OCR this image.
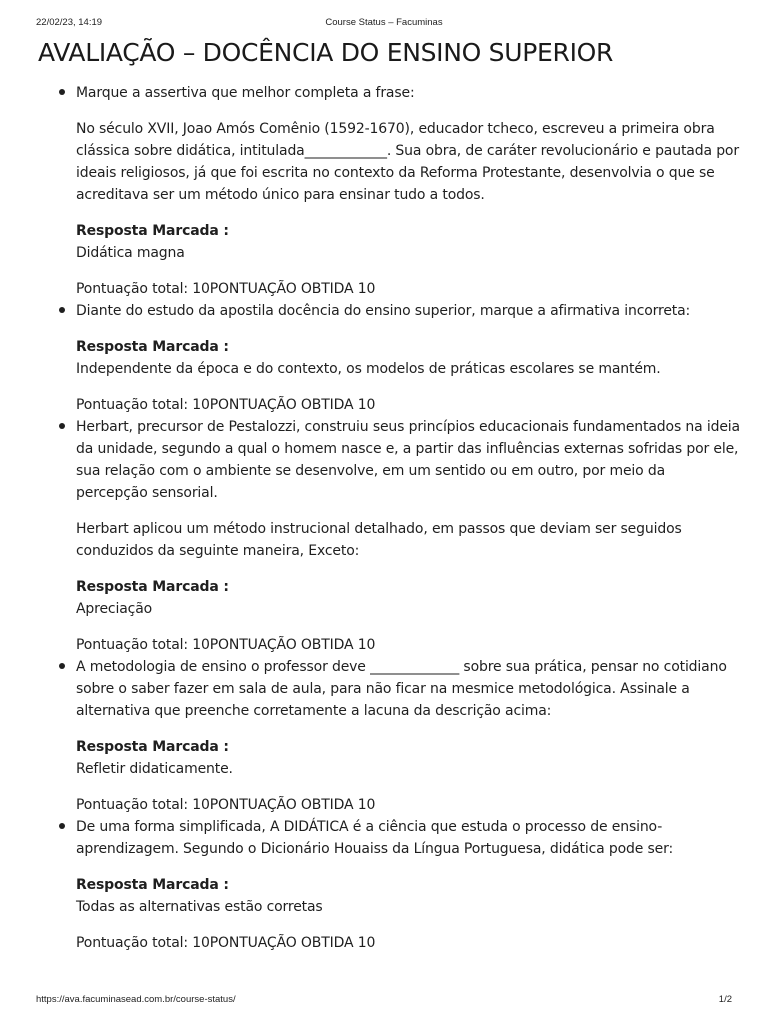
22/02/23, 14:19	Course Status – Facuminas
AVALIAÇÃO – DOCÊNCIA DO ENSINO SUPERIOR

Marque a assertiva que melhor completa a frase:

No século XVII, Joao Amós Comênio (1592-1670), educador tcheco, escreveu a primeira obra clássica sobre didática, intitulada____________. Sua obra, de caráter revolucionário e pautada por ideais religiosos, já que foi escrita no contexto da Reforma Protestante, desenvolvia o que se acreditava ser um método único para ensinar tudo a todos.

Resposta Marcada :

Didática magna

Pontuação total: 10PONTUAÇÃO OBTIDA 10

Diante do estudo da apostila docência do ensino superior, marque a afirmativa incorreta:

Resposta Marcada :

Independente da época e do contexto, os modelos de práticas escolares se mantém.

Pontuação total: 10PONTUAÇÃO OBTIDA 10

Herbart, precursor de Pestalozzi, construiu seus princípios educacionais fundamentados na ideia da unidade, segundo a qual o homem nasce e, a partir das influências externas sofridas por ele, sua relação com o ambiente se desenvolve, em um sentido ou em outro, por meio da percepção sensorial.

Herbart aplicou um método instrucional detalhado, em passos que deviam ser seguidos conduzidos da seguinte maneira, Exceto:

Resposta Marcada :

Apreciação

Pontuação total: 10PONTUAÇÃO OBTIDA 10

A metodologia de ensino o professor deve _____________ sobre sua prática, pensar no cotidiano sobre o saber fazer em sala de aula, para não ficar na mesmice metodológica. Assinale a alternativa que preenche corretamente a lacuna da descrição acima:

Resposta Marcada :

Refletir didaticamente.

Pontuação total: 10PONTUAÇÃO OBTIDA 10

De uma forma simplificada, A DIDÁTICA é a ciência que estuda o processo de ensino-aprendizagem. Segundo o Dicionário Houaiss da Língua Portuguesa, didática pode ser:

Resposta Marcada :

Todas as alternativas estão corretas

Pontuação total: 10PONTUAÇÃO OBTIDA 10

https://ava.facuminasead.com.br/course-status/	1/2
